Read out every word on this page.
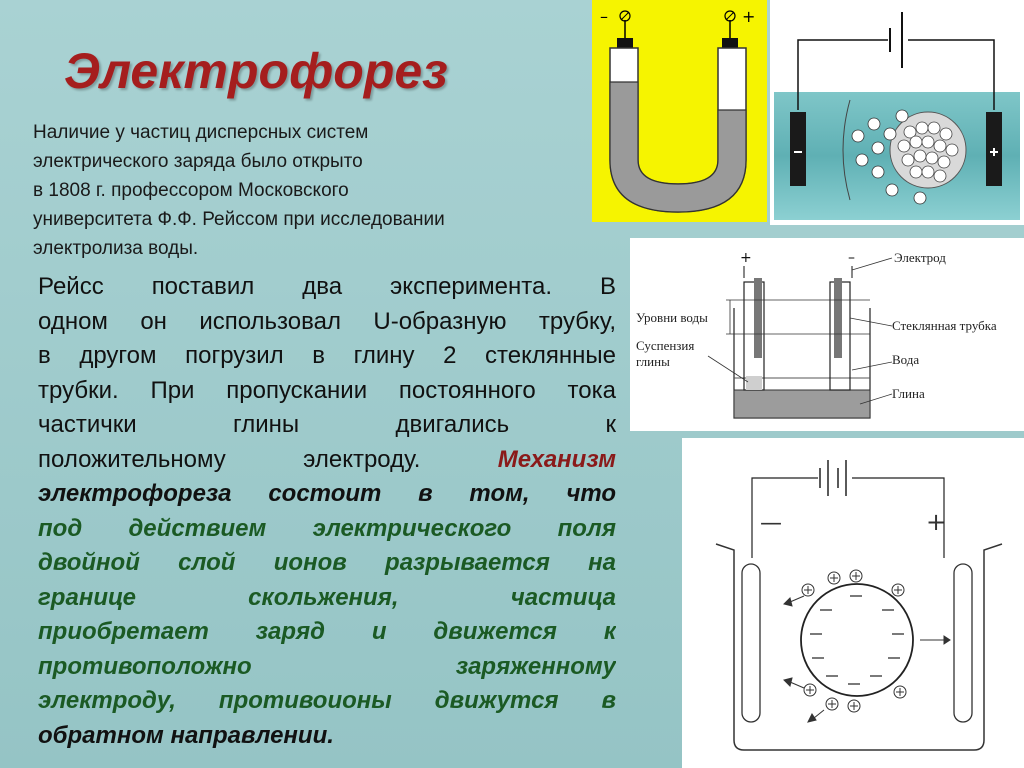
Электрофорез
Наличие у частиц дисперсных систем
электрического заряда было открыто
в 1808 г. профессором Московского
университета Ф.Ф. Рейссом при исследовании
электролиза воды.
Рейсс поставил два эксперимента. В
одном он использовал U-образную трубку,
в другом погрузил в глину 2 стеклянные
трубки. При пропускании постоянного тока
частички глины двигались к
положительному электроду.	Механизм
электрофореза состоит в том, что
под действием электрического поля
двойной слой ионов разрывается на
границе скольжения, частица
приобретает заряд и движется к
противоположно заряженному
электроду, противоионы движутся в
обратном направлении.
–	+
+	–	Электрод
Уровни воды
Стеклянная трубка
Суспензия
глины	Вода
Глина
—	+
